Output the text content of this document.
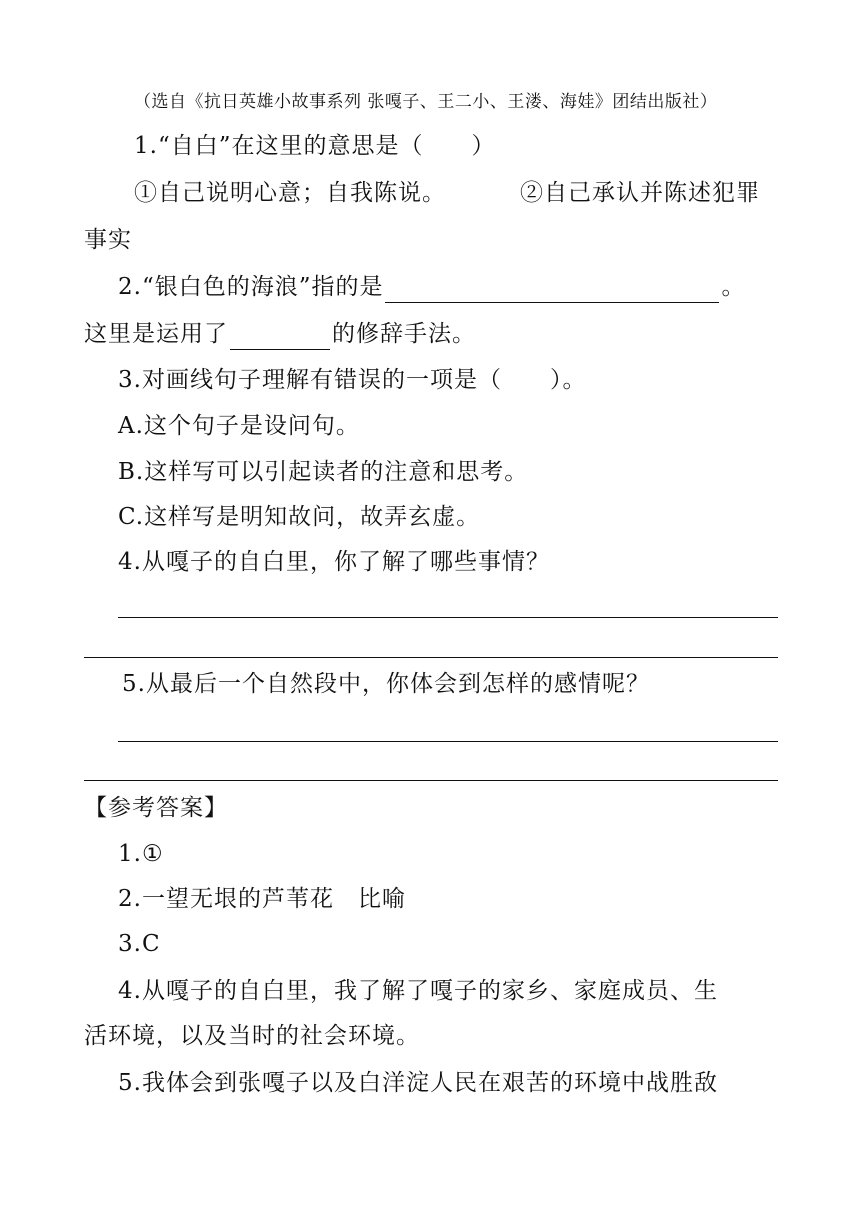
（选自《抗日英雄小故事系列 张嘎子、王二小、王溇、海娃》团结出版社）
1.“自白”在这里的意思是（　　）
①自己说明心意；自我陈说。	②自己承认并陈述犯罪
事实
2.“银白色的海浪”指的是	。
这里是运用了	的修辞手法。
3.对画线句子理解有错误的一项是（　　）。
A.这个句子是设问句。
B.这样写可以引起读者的注意和思考。
C.这样写是明知故问，故弄玄虚。
4.从嘎子的自白里，你了解了哪些事情？
5.从最后一个自然段中，你体会到怎样的感情呢？
【参考答案】
1.①
2.一望无垠的芦苇花　比喻
3.C
4.从嘎子的自白里，我了解了嘎子的家乡、家庭成员、生
活环境，以及当时的社会环境。
5.我体会到张嘎子以及白洋淀人民在艰苦的环境中战胜敌
